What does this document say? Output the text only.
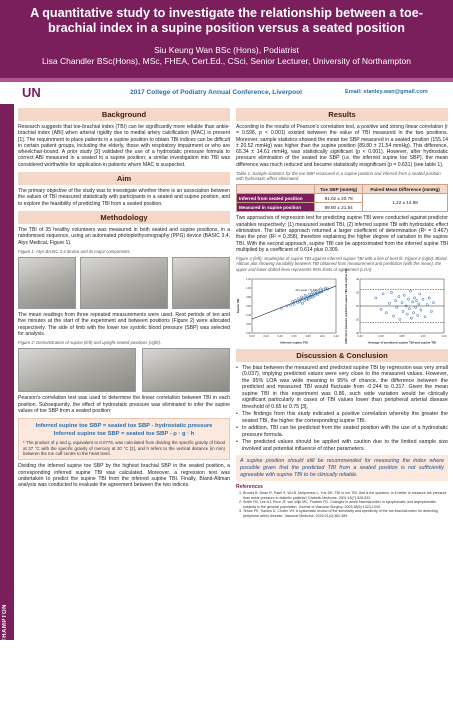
A quantitative study to investigate the relationship between a toe-brachial index in a supine position versus a seated position
Siu Keung Wan BSc (Hons), Podiatrist
Lisa Chandler BSc(Hons), MSc, FHEA, Cert.Ed., CSci, Senior Lecturer, University of Northampton
UN	2017 College of Podiatry Annual Conference, Liverpool	Email: stanley.wan@gmail.com
UNIVERSITY OF NORTHAMPTON
Background
Research suggests that toe-brachial index (TBI) can be significantly more reliable than ankle-brachial index (ABI) when arterial rigidity due to medial artery calcification (MAC) is present [1]. The requirement to place patients in a supine position to obtain TBI indices can be difficult in certain patient groups, including the elderly, those with respiratory impairment or who are wheelchair-bound. A prior study [2] validated the use of a hydrostatic pressure formula to correct ABI measured in a seated to a supine position; a similar investigation into TBI was considered worthwhile for application in patients where MAC is suspected.
Aim
The primary objective of the study was to investigate whether there is an association between the values of TBI measured statistically with participants in a seated and supine position, and to explore the feasibility of predicting TBI from a seated position.
Methodology
The TBI of 35 healthy volunteers was measured in both seated and supine positions, in a randomised sequence, using an automated photoplethysmography (PPG) device (BASIC 3.4, Atys Medical, Figure 1).
Figure 1: Atys BASIC 3.4 device and its major components.
The mean readings from three repeated measurements were used. Rest periods of ten and five minutes at the start of the experiment and between positions (Figure 2) were allocated respectively. The side of limb with the lower toe systolic blood pressure (SBP) was selected for analysis.
Figure 2: Demonstration of supine (left) and upright seated positions (right).
Pearson's correlation test was used to determine the linear correlation between TBI in each position. Subsequently, the effect of hydrostatic pressure was eliminated to infer the supine values of toe SBP from a seated position:
Inferred supine toe SBP = seated toe SBP - hydrostatic pressure
Inferred supine toe SBP = seated toe SBP - ρ · g · h
* The product of ρ and g, equivalent to 0.0776, was calculated from dividing the specific gravity of blood at 37 °C with the specific gravity of mercury at 20 °C [2], and h refers to the vertical distance (in mm) between the toe cuff centre to the heart level.
Dividing the inferred supine toe SBP by the highest brachial SBP in the seated position, a corresponding inferred supine TBI was calculated. Moreover, a regression test was undertaken to predict the supine TBI from the inferred supine TBI. Finally, Bland-Altman analysis was conducted to evaluate the agreement between the two indices.
Results
According to the results of Pearson's correlation test, a positive and strong linear correlation (r = 0.598, p < 0.001) existed between the value of TBI measured in the two positions. Moreover, sample statistics showed the mean toe SBP measured in a seated position (155.14 ± 20.52 mmHg) was higher than the supine position (89.80 ± 21.54 mmHg). This difference, 65.34 ± 14.61 mmHg, was statistically significant (p < 0.001). However, after hydrostatic pressure elimination of the seated toe SBP (i.e. the inferred supine toe SBP), the mean difference was much reduced and became statistically insignificant (p = 0.631) (see table 1).
Table 1: Sample statistics for the toe SBP measured in a supine position and inferred from a seated position with hydrostatic effect eliminated.
	Toe SBP (mmHg)	Paired Mean Difference (mmHg)
Inferred from seated position	91.02 ± 20.78	1.22 ± 14.88
Measured in supine position	89.80 ± 21.54	
Two approaches of regression test for predicting supine TBI were conducted against predictor variables respectively: (1) measured seated TBI, (2) inferred supine TBI with hydrostatic effect elimination. The latter approach returned a larger coefficient of determination (R² = 0.467) than the prior (R² = 0.358), therefore explaining the higher degree of variation in the supine TBI. With the second approach, supine TBI can be approximated from the inferred supine TBI multiplied by a coefficient of 0.614 plus 0.309.
Figure 3 (left): Scatterplot of supine TBI against inferred supine TBI with a line of best fit. Figure 4 (right): Bland-Altman plot showing variability between TBI obtained from measurement and prediction (with the mean), the upper and lower dotted lines represents 95% limits of agreement (LOA).
0.00	0.20	0.40	0.60	0.80	1.00	1.20
0.00
0.20
0.40
0.60
0.80
1.00
1.20
Inferred supine TBI
Supine TBI
R² Linear = 0.467
0.40	0.60	0.80	1.00	1.20
-.40
-.20
.00
.20
.40
Average of predicted supine TBI and supine TBI
Difference between predicted supine TBI and supine TBI
Discussion & Conclusion
• The bias between the measured and predicted supine TBI by regression was very small (0.037), implying predicted values were very close to the measured values. However, the 95% LOA was wide meaning in 95% of chance, the difference between the predicted and measured TBI would fluctuate from -0.244 to 0.317. Given the mean supine TBI in this experiment was 0.86, such wide variation would be clinically significant particularly in cases of TBI values lower than peripheral arterial disease threshold of 0.65 to 0.75 [3].
• The findings from this study indicated a positive correlation whereby the greater the seated TBI, the higher the corresponding supine TBI.
• In addition, TBI can be predicted from the seated position with the use of a hydrostatic pressure formula.
• The predicted values should be applied with caution due to the limited sample size involved and potential influence of other parameters.
A supine position should still be recommended for measuring the index where possible given that the predicted TBI from a seated position is not sufficiently agreeable with supine TBI to be clinically reliable.
References
1. Brooks B, Dean R, Patel S, Wu B, Molyneaux L, Yue DK. TBI or not TBI: that is the question. Is it better to measure toe pressure than ankle pressure in diabetic patients? Diabetic Medicine. 2001;18(7):528-532.
2. Smith FB, Lee AJ, Price JF, van Wijk MC, Fowkes FG. Changes in ankle brachial index in symptomatic and asymptomatic subjects in the general population. Journal of Vascular Surgery. 2003;38(6):1323-1330.
3. Tehan PE, Santos D, Chuter VH. A systematic review of the sensitivity and specificity of the toe-brachial index for detecting peripheral artery disease. Vascular Medicine. 2016;21(4):382-389.
